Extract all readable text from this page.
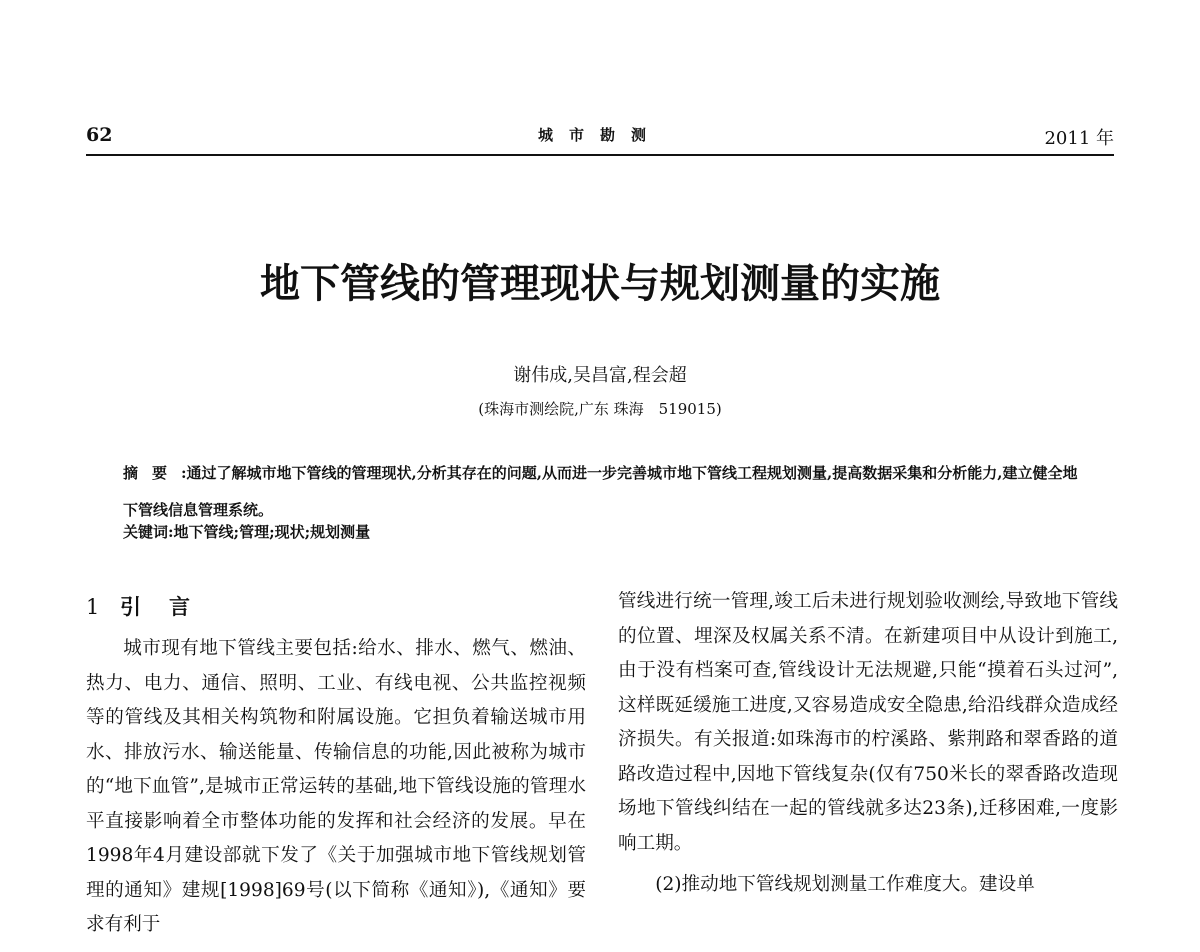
62	城市勘测	2011 年
地下管线的管理现状与规划测量的实施
谢伟成,吴昌富,程会超
(珠海市测绘院,广东 珠海　519015)
摘要:通过了解城市地下管线的管理现状,分析其存在的问题,从而进一步完善城市地下管线工程规划测量,提高数据采集和分析能力,建立健全地下管线信息管理系统。
关键词:地下管线;管理;现状;规划测量
1 引言

城市现有地下管线主要包括:给水、排水、燃气、燃油、热力、电力、通信、照明、工业、有线电视、公共监控视频等的管线及其相关构筑物和附属设施。它担负着输送城市用水、排放污水、输送能量、传输信息的功能,因此被称为城市的“地下血管”,是城市正常运转的基础,地下管线设施的管理水平直接影响着全市整体功能的发挥和社会经济的发展。早在1998年4月建设部就下发了《关于加强城市地下管线规划管理的通知》建规[1998]69号(以下简称《通知》),《通知》要求有利于

管线进行统一管理,竣工后未进行规划验收测绘,导致地下管线的位置、埋深及权属关系不清。在新建项目中从设计到施工,由于没有档案可查,管线设计无法规避,只能“摸着石头过河”,这样既延缓施工进度,又容易造成安全隐患,给沿线群众造成经济损失。有关报道:如珠海市的柠溪路、紫荆路和翠香路的道路改造过程中,因地下管线复杂(仅有750米长的翠香路改造现场地下管线纠结在一起的管线就多达23条),迁移困难,一度影响工期。

(2)推动地下管线规划测量工作难度大。建设单
